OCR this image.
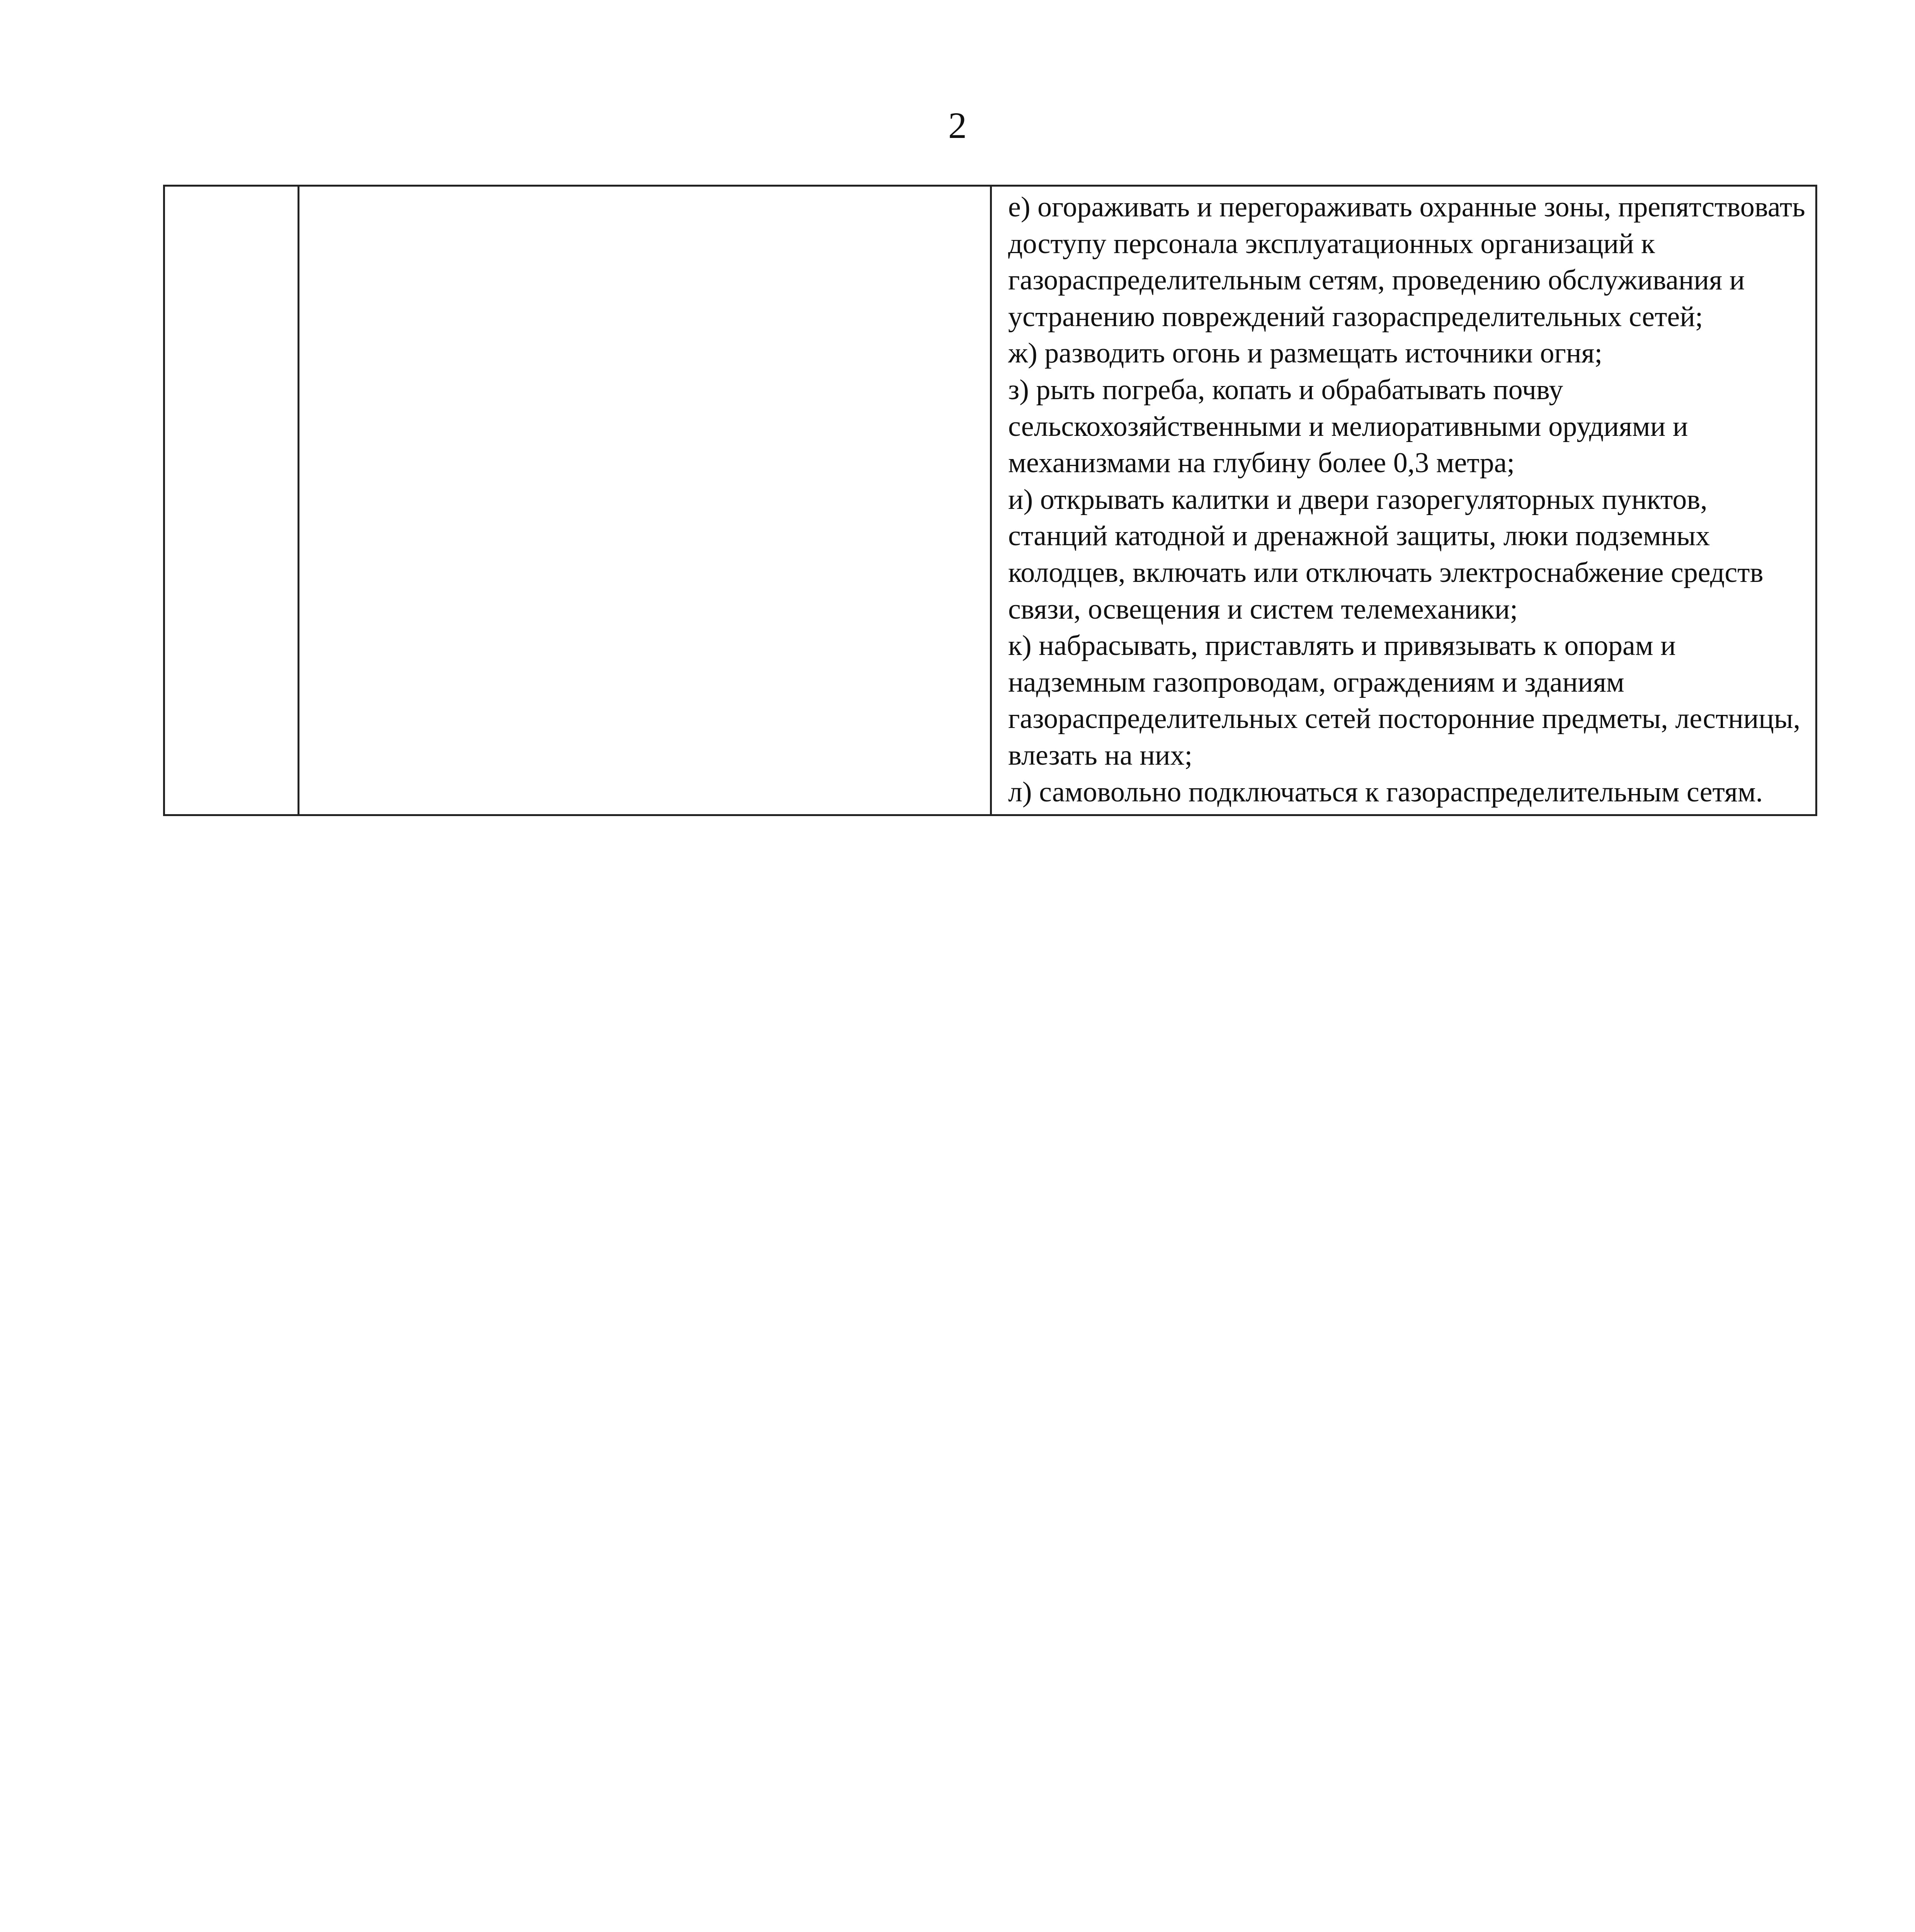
2

е) огораживать и перегораживать охранные зоны, препятствовать доступу персонала эксплуатационных организаций к газораспределительным сетям, проведению обслуживания и устранению повреждений газораспределительных сетей;

ж) разводить огонь и размещать источники огня;

з) рыть погреба, копать и обрабатывать почву сельскохозяйственными и мелиоративными орудиями и механизмами на глубину более 0,3 метра;

и) открывать калитки и двери газорегуляторных пунктов, станций катодной и дренажной защиты, люки подземных колодцев, включать или отключать электроснабжение средств связи, освещения и систем телемеханики;

к) набрасывать, приставлять и привязывать к опорам и надземным газопроводам, ограждениям и зданиям газораспределительных сетей посторонние предметы, лестницы, влезать на них;

л) самовольно подключаться к газораспределительным сетям.
